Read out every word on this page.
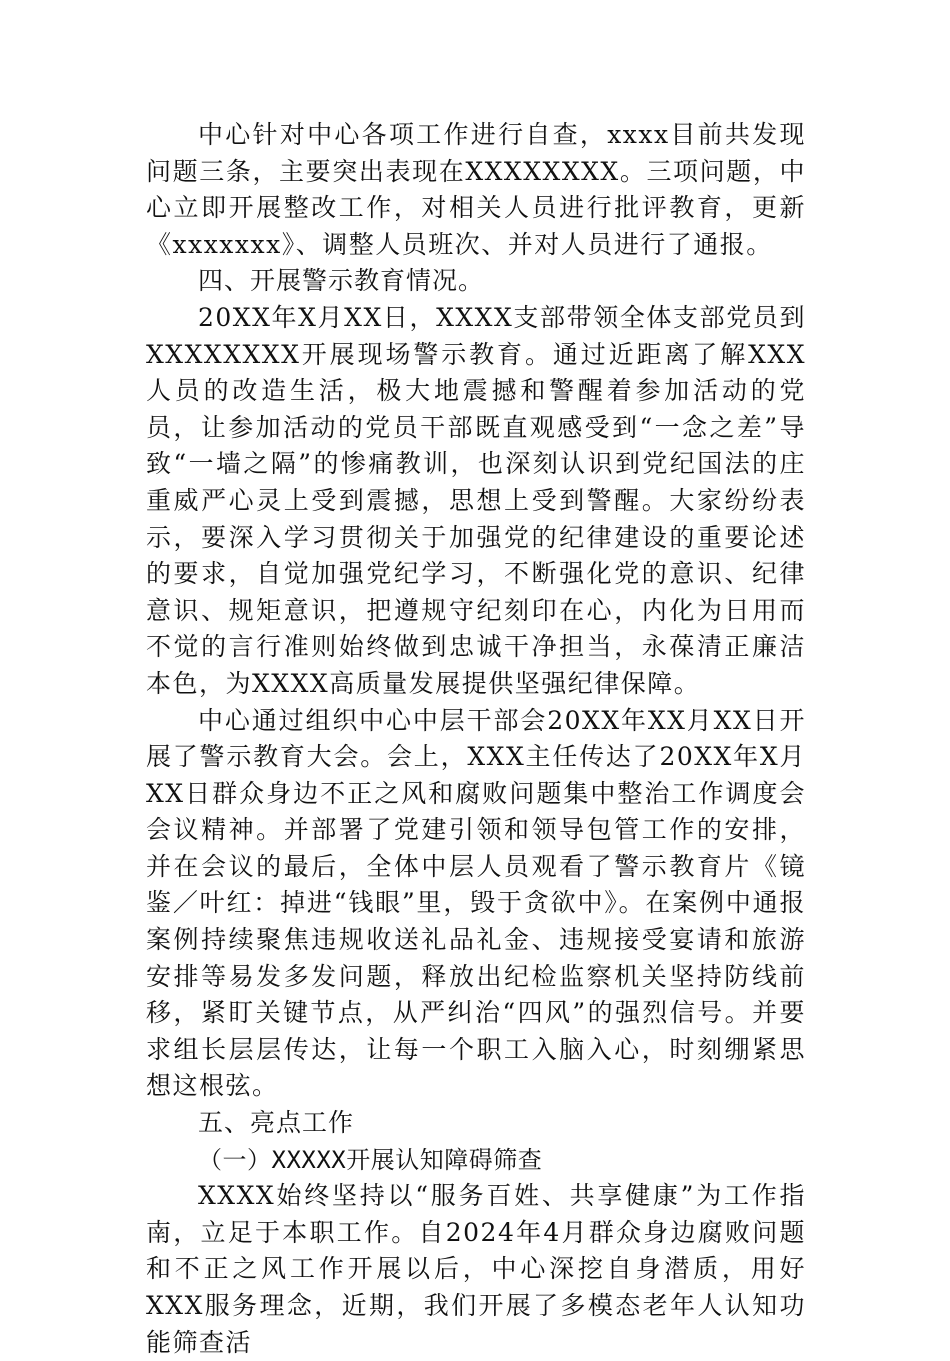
中心针对中心各项工作进行自查，xxxx目前共发现问题三条，主要突出表现在XXXXXXXX。三项问题，中心立即开展整改工作，对相关人员进行批评教育，更新《xxxxxxx》、调整人员班次、并对人员进行了通报。

四、开展警示教育情况。

20XX年X月XX日，XXXX支部带领全体支部党员到XXXXXXXX开展现场警示教育。通过近距离了解XXX人员的改造生活，极大地震撼和警醒着参加活动的党员，让参加活动的党员干部既直观感受到“一念之差”导致“一墙之隔”的惨痛教训，也深刻认识到党纪国法的庄重威严心灵上受到震撼，思想上受到警醒。大家纷纷表示，要深入学习贯彻关于加强党的纪律建设的重要论述的要求，自觉加强党纪学习，不断强化党的意识、纪律意识、规矩意识，把遵规守纪刻印在心，内化为日用而不觉的言行准则始终做到忠诚干净担当，永葆清正廉洁本色，为XXXX高质量发展提供坚强纪律保障。

中心通过组织中心中层干部会20XX年XX月XX日开展了警示教育大会。会上，XXX主任传达了20XX年X月XX日群众身边不正之风和腐败问题集中整治工作调度会会议精神。并部署了党建引领和领导包管工作的安排，并在会议的最后，全体中层人员观看了警示教育片《镜鉴／叶红：掉进“钱眼”里，毁于贪欲中》。在案例中通报案例持续聚焦违规收送礼品礼金、违规接受宴请和旅游安排等易发多发问题，释放出纪检监察机关坚持防线前移，紧盯关键节点，从严纠治“四风”的强烈信号。并要求组长层层传达，让每一个职工入脑入心，时刻绷紧思想这根弦。

五、亮点工作

（一）XXXXX开展认知障碍筛查

XXXX始终坚持以“服务百姓、共享健康”为工作指南，立足于本职工作。自2024年4月群众身边腐败问题和不正之风工作开展以后，中心深挖自身潜质，用好XXX服务理念，近期，我们开展了多模态老年人认知功能筛查活
